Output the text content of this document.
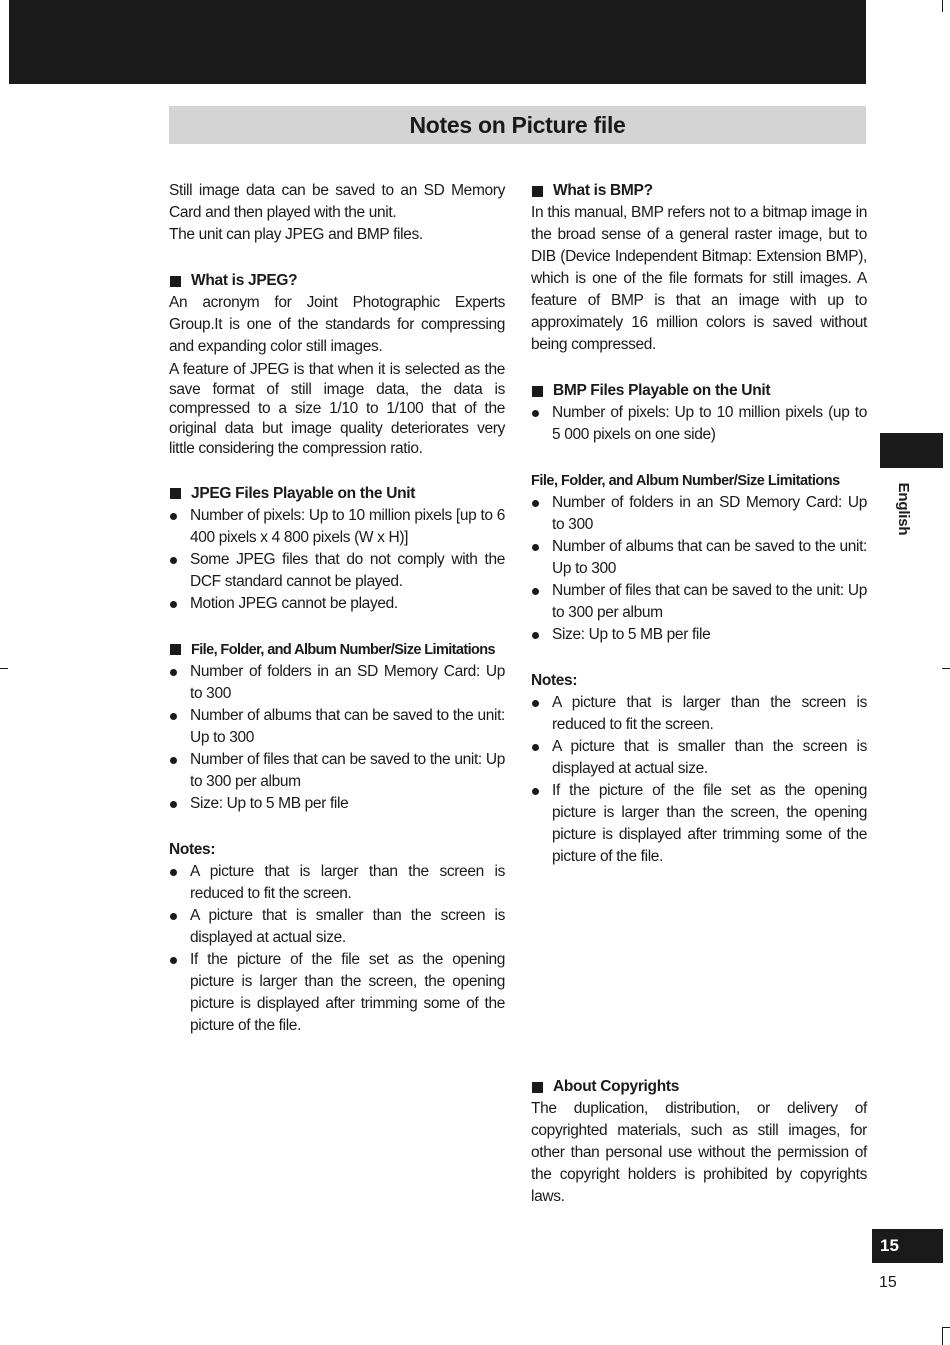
Notes on Picture file

Still image data can be saved to an SD Memory Card and then played with the unit.

The unit can play JPEG and BMP files.

What is JPEG?

An acronym for Joint Photographic Experts Group.It is one of the standards for compressing and expanding color still images.

A feature of JPEG is that when it is selected as the save format of still image data, the data is compressed to a size 1/10 to 1/100 that of the original data but image quality deteriorates very little considering the compression ratio.

JPEG Files Playable on the Unit
Number of pixels: Up to 10 million pixels [up to 6 400 pixels x 4 800 pixels (W x H)]
Some JPEG files that do not comply with the DCF standard cannot be played.
Motion JPEG cannot be played.
File, Folder, and Album Number/Size Limitations
Number of folders in an SD Memory Card: Up to 300
Number of albums that can be saved to the unit: Up to 300
Number of files that can be saved to the unit: Up to 300 per album
Size: Up to 5 MB per file

Notes:

A picture that is larger than the screen is reduced to fit the screen.
A picture that is smaller than the screen is displayed at actual size.
If the picture of the file set as the opening picture is larger than the screen, the opening picture is displayed after trimming some of the picture of the file.
What is BMP?

In this manual, BMP refers not to a bitmap image in the broad sense of a general raster image, but to DIB (Device Independent Bitmap: Extension BMP), which is one of the file formats for still images. A feature of BMP is that an image with up to approximately 16 million colors is saved without being compressed.

BMP Files Playable on the Unit
Number of pixels: Up to 10 million pixels (up to 5 000 pixels on one side)

File, Folder, and Album Number/Size Limitations

Number of folders in an SD Memory Card: Up to 300
Number of albums that can be saved to the unit: Up to 300
Number of files that can be saved to the unit: Up to 300 per album
Size: Up to 5 MB per file

Notes:

A picture that is larger than the screen is reduced to fit the screen.
A picture that is smaller than the screen is displayed at actual size.
If the picture of the file set as the opening picture is larger than the screen, the opening picture is displayed after trimming some of the picture of the file.
About Copyrights

The duplication, distribution, or delivery of copyrighted materials, such as still images, for other than personal use without the permission of the copyright holders is prohibited by copyrights laws.

English
15
15
